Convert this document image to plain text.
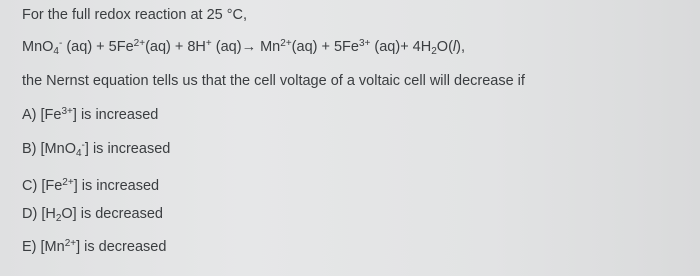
For the full redox reaction at 25 °C,
MnO$_4$- $(aq) + 5Fe^{2+}(aq) + 8H^+$ $(aq)\to Mn^{2+}(aq) + 5Fe^{3+}$ $(aq)+ 4H_2O(l)$,
the Nernst equation tells us that the cell voltage of a voltaic cell will decrease if
A) $[Fe^{3+}]$ is increased
B) [MnO$_4$-] is increased
C) $[Fe^{2+}]$ is increased
D) $[H_2O]$ is decreased
E) $[Mn^{2+}]$ is decreased
